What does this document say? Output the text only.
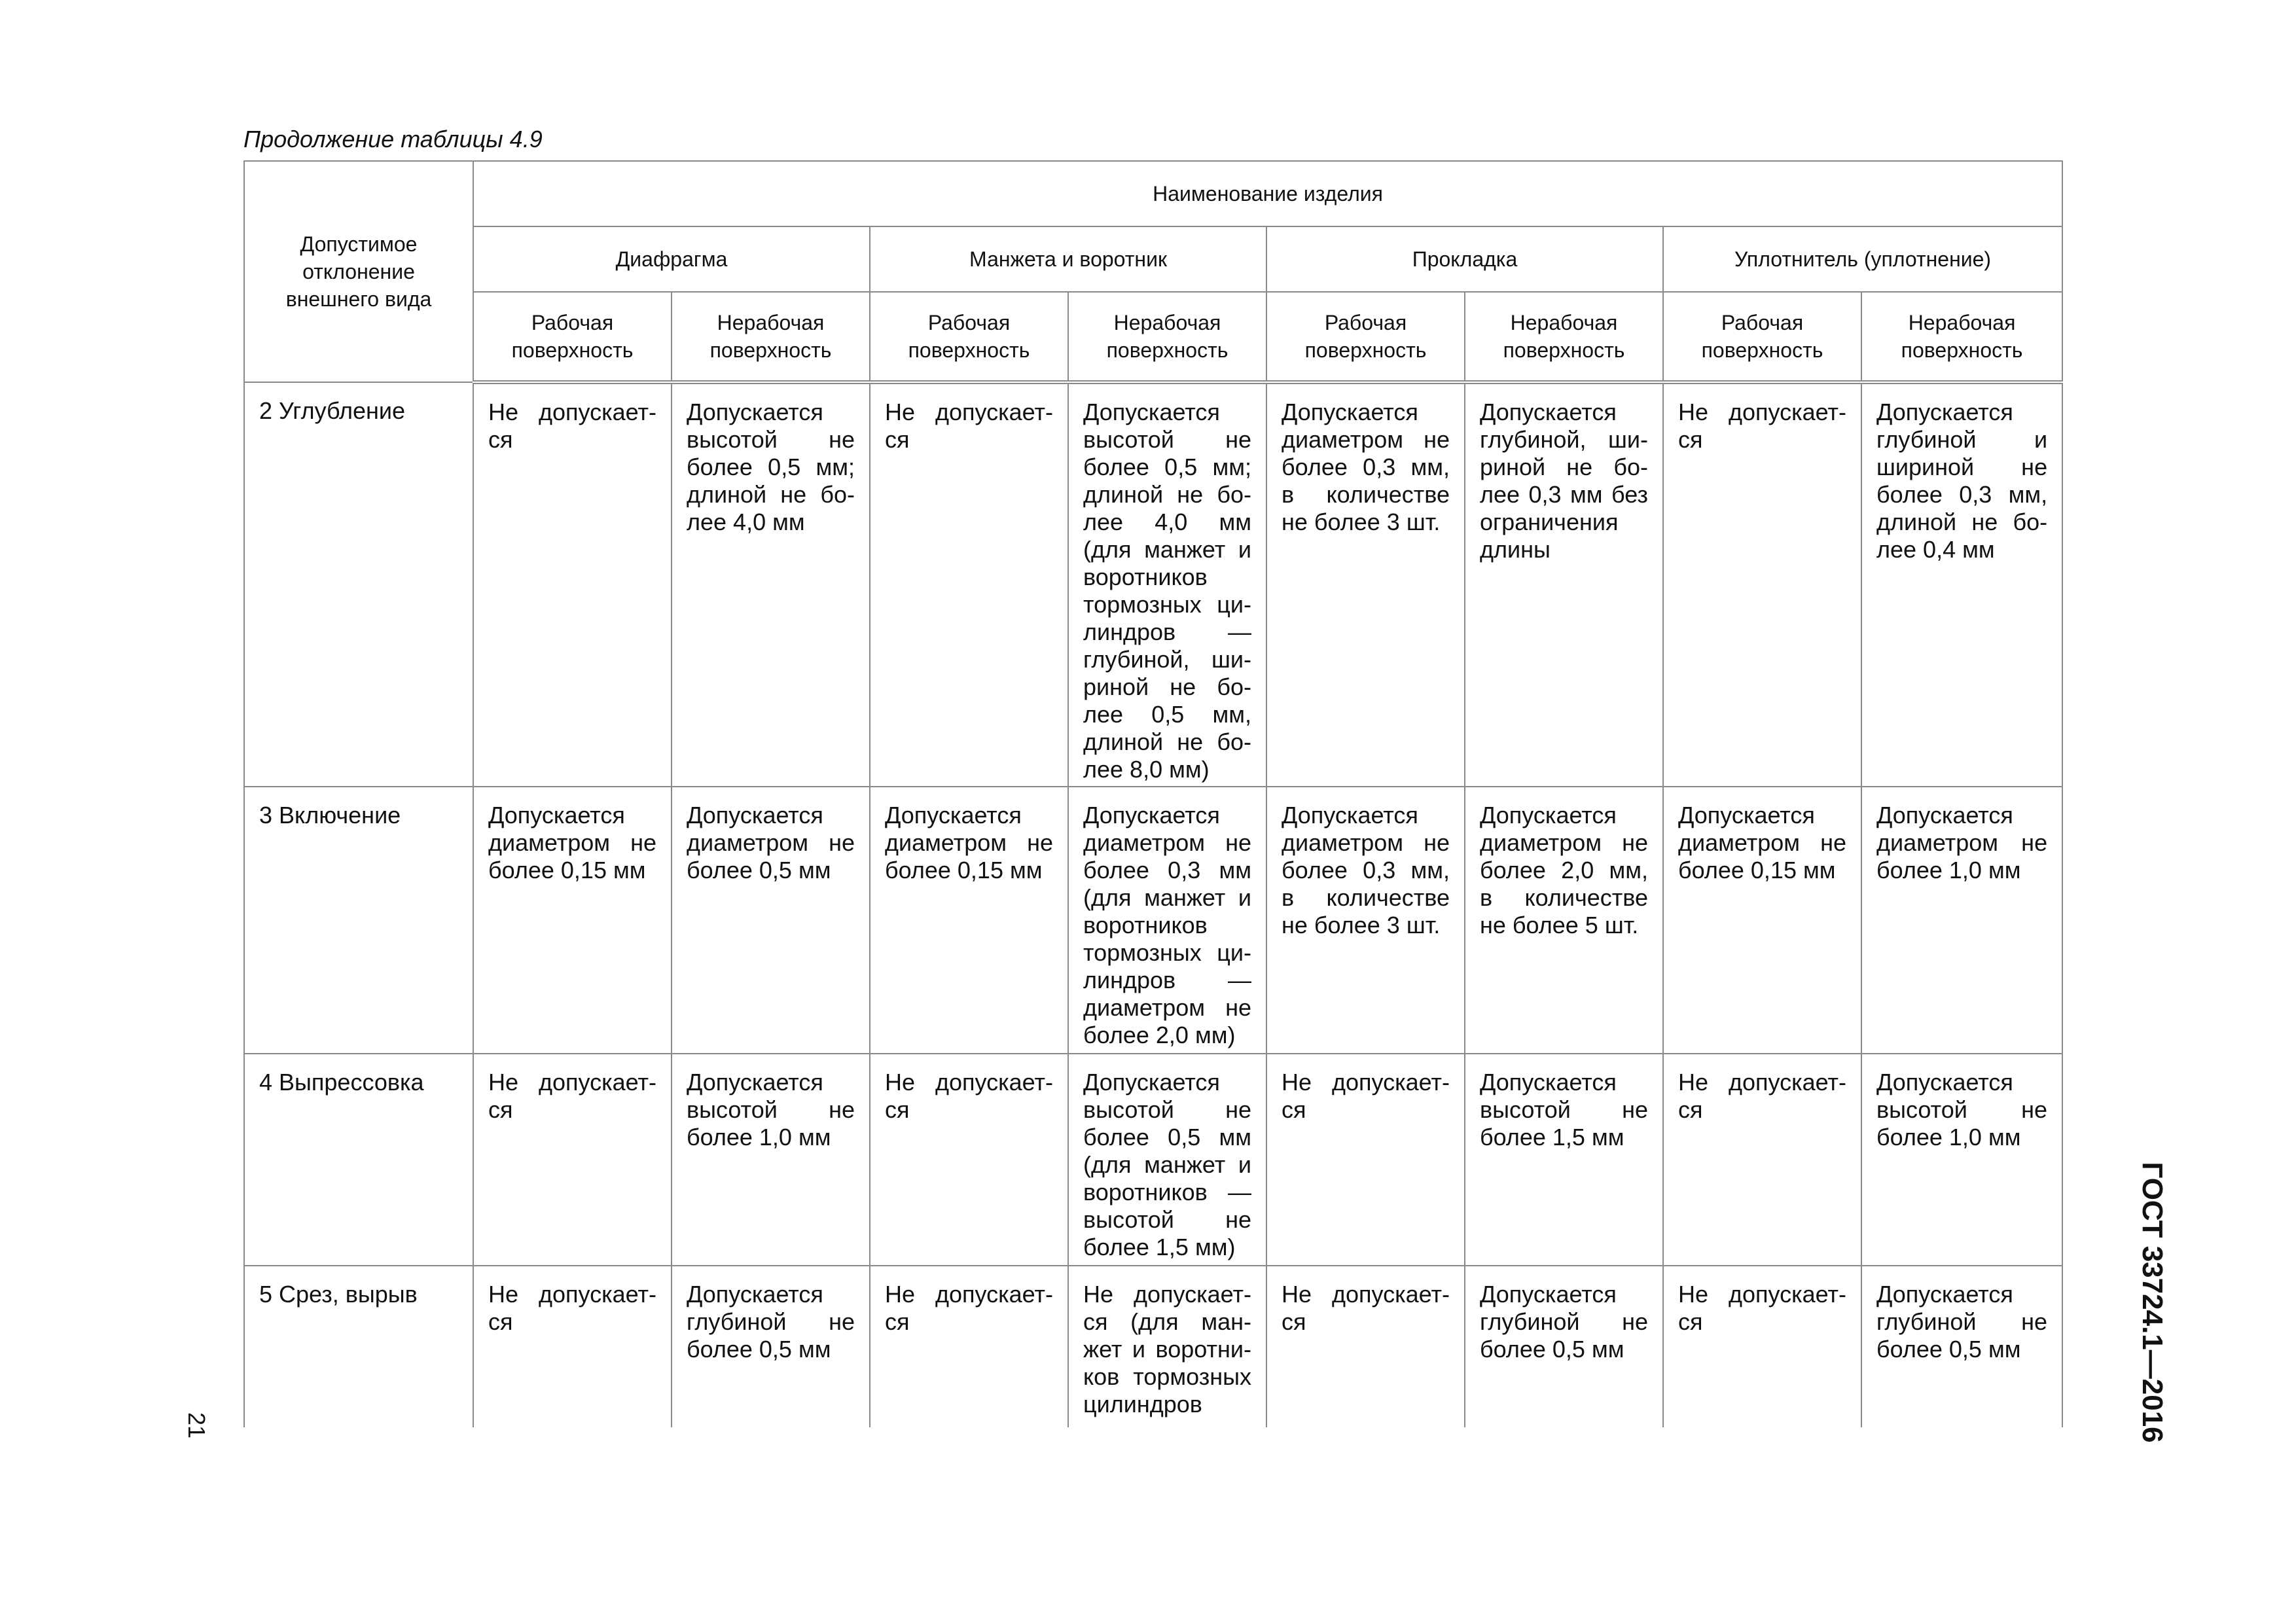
Продолжение таблицы 4.9
Допустимое отклонение внешнего вида	Наименование изделия							
	Диафрагма		Манжета и воротник		Прокладка		Уплотнитель (уплотнение)	
	Рабочая поверхность	Нерабочая поверхность	Рабочая поверхность	Нерабочая поверхность	Рабочая поверхность	Нерабочая поверхность	Рабочая поверхность	Нерабочая поверхность
2 Углубление	Не допускает-ся	Допускается высотой не более 0,5 мм; длиной не бо-лее 4,0 мм	Не допускает-ся	Допускается высотой не более 0,5 мм; длиной не бо-лее 4,0 мм (для манжет и воротников тормозных ци-линдров — глубиной, ши-риной не бо-лее 0,5 мм, длиной не бо-лее 8,0 мм)	Допускается диаметром не более 0,3 мм, в количестве не более 3 шт.	Допускается глубиной, ши-риной не бо-лее 0,3 мм без ограничения длины	Не допускает-ся	Допускается глубиной и шириной не более 0,3 мм, длиной не бо-лее 0,4 мм
3 Включение	Допускается диаметром не более 0,15 мм	Допускается диаметром не более 0,5 мм	Допускается диаметром не более 0,15 мм	Допускается диаметром не более 0,3 мм (для манжет и воротников тормозных ци-линдров — диаметром не более 2,0 мм)	Допускается диаметром не более 0,3 мм, в количестве не более 3 шт.	Допускается диаметром не более 2,0 мм, в количестве не более 5 шт.	Допускается диаметром не более 0,15 мм	Допускается диаметром не более 1,0 мм
4 Выпрессовка	Не допускает-ся	Допускается высотой не более 1,0 мм	Не допускает-ся	Допускается высотой не более 0,5 мм (для манжет и воротников — высотой не более 1,5 мм)	Не допускает-ся	Допускается высотой не более 1,5 мм	Не допускает-ся	Допускается высотой не более 1,0 мм
5 Срез, вырыв	Не допускает-ся	Допускается глубиной не более 0,5 мм	Не допускает-ся	Не допускает-ся (для ман-жет и воротни-ков тормозных цилиндров	Не допускает-ся	Допускается глубиной не более 0,5 мм	Не допускает-ся	Допускается глубиной не более 0,5 мм	ГОСТ 33724.1—2016
21
